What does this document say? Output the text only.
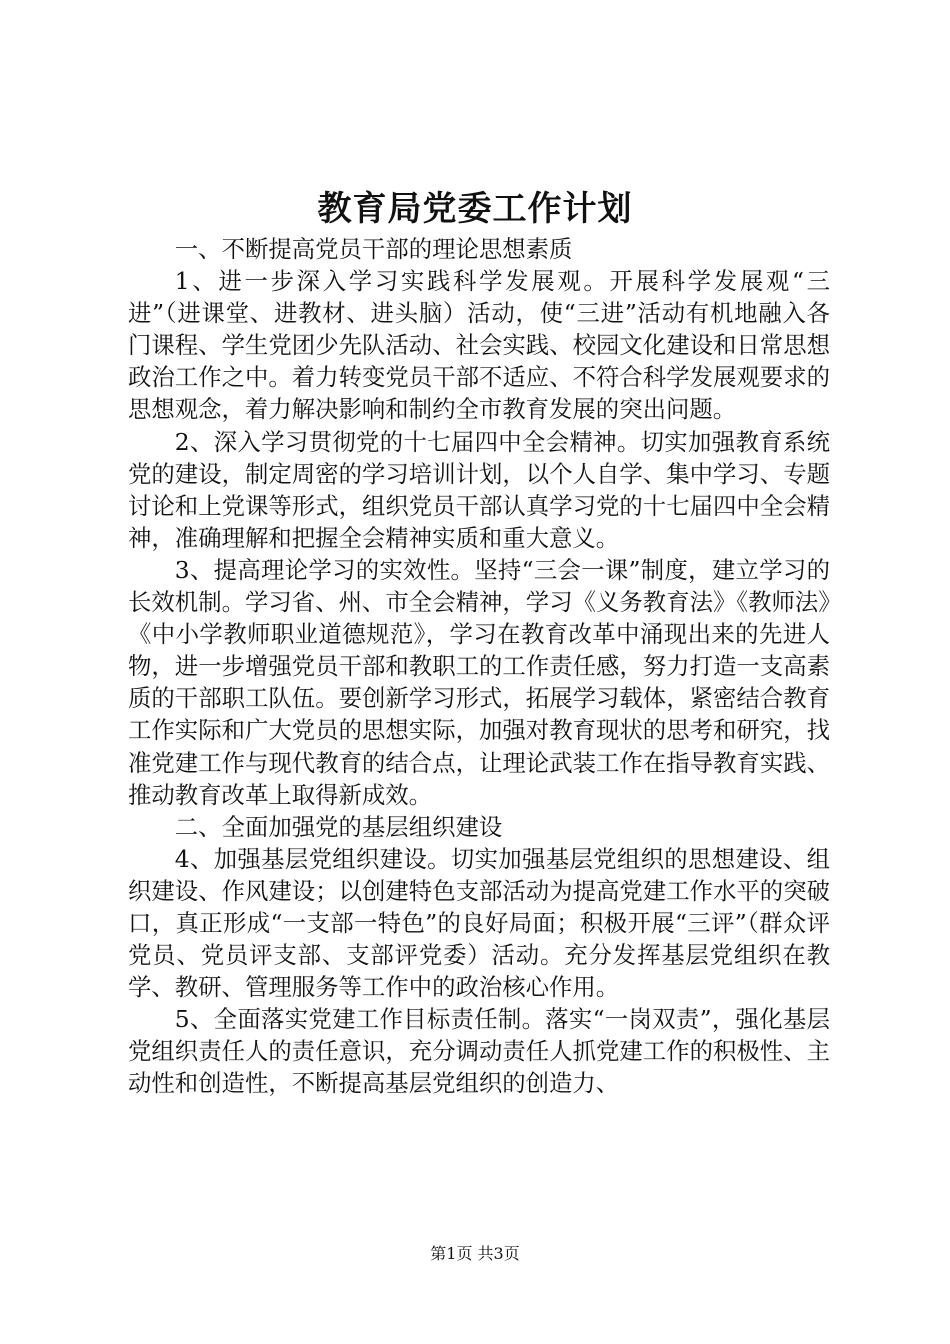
教育局党委工作计划

一、不断提高党员干部的理论思想素质

1、进一步深入学习实践科学发展观。开展科学发展观“三进”（进课堂、进教材、进头脑）活动，使“三进”活动有机地融入各门课程、学生党团少先队活动、社会实践、校园文化建设和日常思想政治工作之中。着力转变党员干部不适应、不符合科学发展观要求的思想观念，着力解决影响和制约全市教育发展的突出问题。

2、深入学习贯彻党的十七届四中全会精神。切实加强教育系统党的建设，制定周密的学习培训计划，以个人自学、集中学习、专题讨论和上党课等形式，组织党员干部认真学习党的十七届四中全会精神，准确理解和把握全会精神实质和重大意义。

3、提高理论学习的实效性。坚持“三会一课”制度，建立学习的长效机制。学习省、州、市全会精神，学习《义务教育法》《教师法》《中小学教师职业道德规范》，学习在教育改革中涌现出来的先进人物，进一步增强党员干部和教职工的工作责任感，努力打造一支高素质的干部职工队伍。要创新学习形式，拓展学习载体，紧密结合教育工作实际和广大党员的思想实际，加强对教育现状的思考和研究，找准党建工作与现代教育的结合点，让理论武装工作在指导教育实践、推动教育改革上取得新成效。

二、全面加强党的基层组织建设

4、加强基层党组织建设。切实加强基层党组织的思想建设、组织建设、作风建设；以创建特色支部活动为提高党建工作水平的突破口，真正形成“一支部一特色”的良好局面；积极开展“三评”（群众评党员、党员评支部、支部评党委）活动。充分发挥基层党组织在教学、教研、管理服务等工作中的政治核心作用。

5、全面落实党建工作目标责任制。落实“一岗双责”，强化基层党组织责任人的责任意识，充分调动责任人抓党建工作的积极性、主动性和创造性，不断提高基层党组织的创造力、

第1页 共3页
